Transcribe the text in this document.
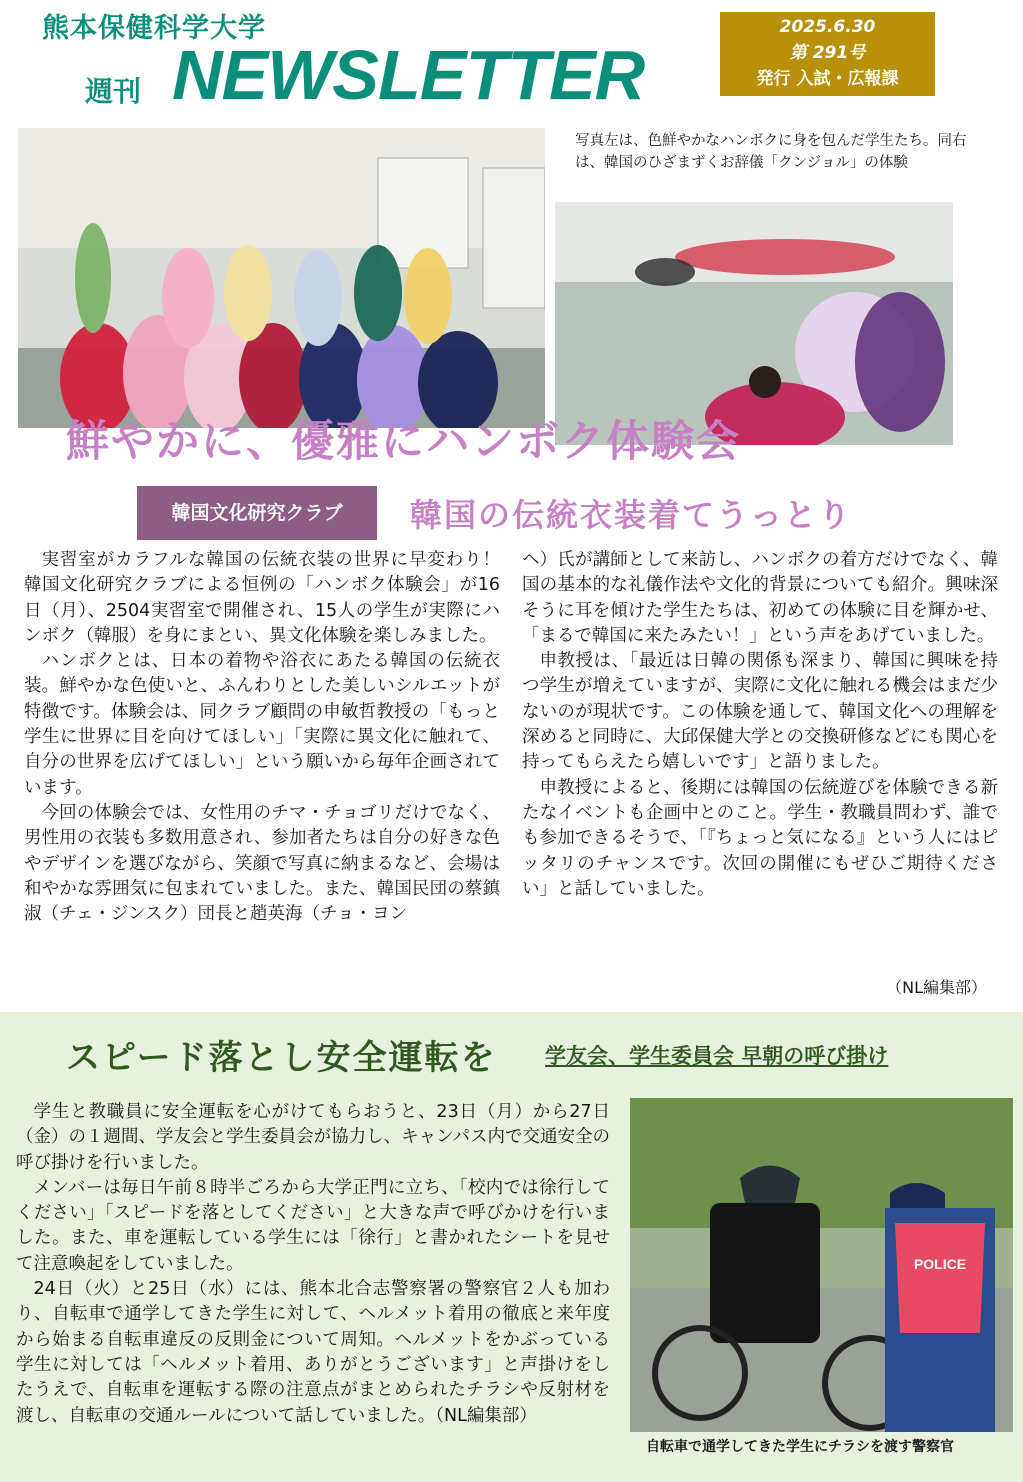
熊本保健科学大学
週刊 NEWSLETTER
2025.6.30
第 291号
発行 入試・広報課
写真左は、色鮮やかなハンボクに身を包んだ学生たち。同右は、韓国のひざまずくお辞儀「クンジョル」の体験
鮮やかに、優雅にハンボク体験会
韓国文化研究クラブ	韓国の伝統衣装着てうっとり

実習室がカラフルな韓国の伝統衣装の世界に早変わり！　韓国文化研究クラブによる恒例の「ハンボク体験会」が16日（月）、2504実習室で開催され、15人の学生が実際にハンボク（韓服）を身にまとい、異文化体験を楽しみました。

ハンボクとは、日本の着物や浴衣にあたる韓国の伝統衣装。鮮やかな色使いと、ふんわりとした美しいシルエットが特徴です。体験会は、同クラブ顧問の申敏哲教授の「もっと学生に世界に目を向けてほしい」「実際に異文化に触れて、自分の世界を広げてほしい」という願いから毎年企画されています。

今回の体験会では、女性用のチマ・チョゴリだけでなく、男性用の衣装も多数用意され、参加者たちは自分の好きな色やデザインを選びながら、笑顔で写真に納まるなど、会場は和やかな雰囲気に包まれていました。また、韓国民団の蔡鎮淑（チェ・ジンスク）団長と趙英海（チョ・ヨン

ヘ）氏が講師として来訪し、ハンボクの着方だけでなく、韓国の基本的な礼儀作法や文化的背景についても紹介。興味深そうに耳を傾けた学生たちは、初めての体験に目を輝かせ、「まるで韓国に来たみたい！」という声をあげていました。

申教授は、「最近は日韓の関係も深まり、韓国に興味を持つ学生が増えていますが、実際に文化に触れる機会はまだ少ないのが現状です。この体験を通して、韓国文化への理解を深めると同時に、大邱保健大学との交換研修などにも関心を持ってもらえたら嬉しいです」と語りました。

申教授によると、後期には韓国の伝統遊びを体験できる新たなイベントも企画中とのこと。学生・教職員問わず、誰でも参加できるそうで、「『ちょっと気になる』という人にはピッタリのチャンスです。次回の開催にもぜひご期待ください」と話していました。

（NL編集部）
スピード落とし安全運転を 学友会、学生委員会 早朝の呼び掛け

学生と教職員に安全運転を心がけてもらおうと、23日（月）から27日（金）の１週間、学友会と学生委員会が協力し、キャンパス内で交通安全の呼び掛けを行いました。

メンバーは毎日午前８時半ごろから大学正門に立ち、「校内では徐行してください」「スピードを落としてください」と大きな声で呼びかけを行いました。また、車を運転している学生には「徐行」と書かれたシートを見せて注意喚起をしていました。

24日（火）と25日（水）には、熊本北合志警察署の警察官２人も加わり、自転車で通学してきた学生に対して、ヘルメット着用の徹底と来年度から始まる自転車違反の反則金について周知。ヘルメットをかぶっている学生に対しては「ヘルメット着用、ありがとうございます」と声掛けをしたうえで、自転車を運転する際の注意点がまとめられたチラシや反射材を渡し、自転車の交通ルールについて話していました。（NL編集部）

POLICE
自転車で通学してきた学生にチラシを渡す警察官
